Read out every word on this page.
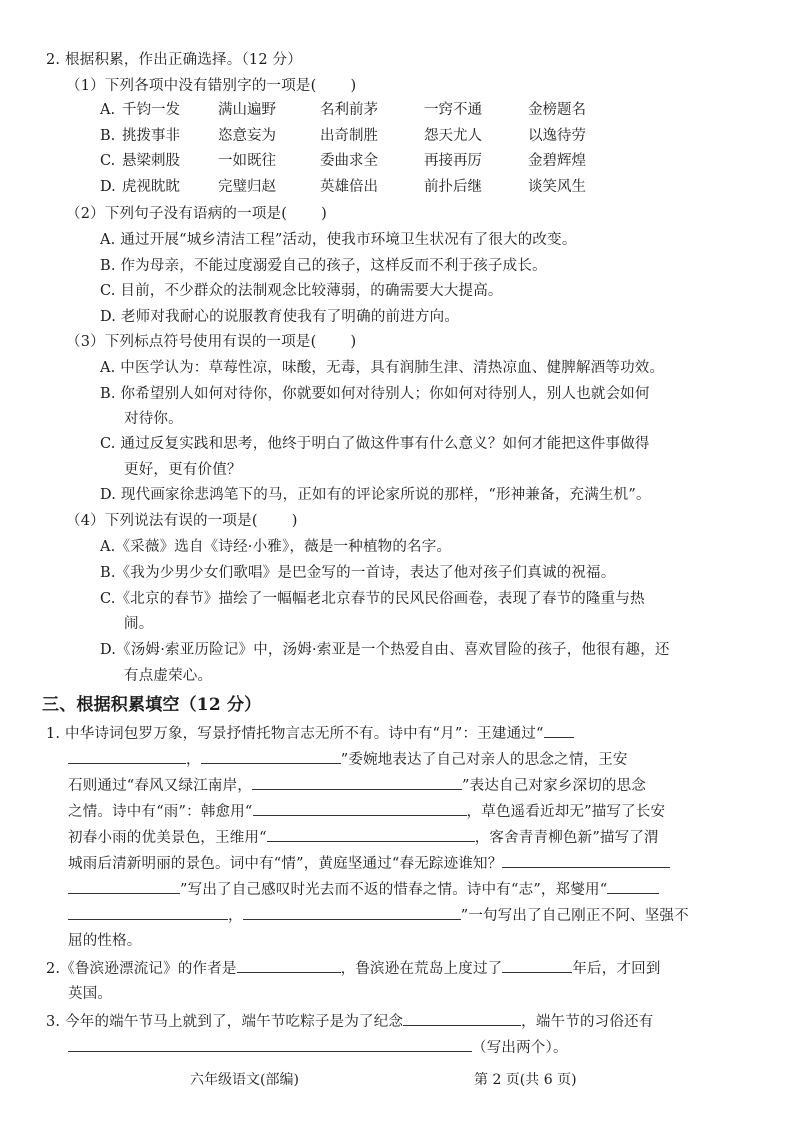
2. 根据积累，作出正确选择。（12 分）
（1）下列各项中没有错别字的一项是( )
A. 千钧一发	满山遍野	名利前茅	一窍不通	金榜题名
B. 挑拨事非	恣意妄为	出奇制胜	怨天尤人	以逸待劳
C. 悬梁刺股	一如既往	委曲求全	再接再厉	金碧辉煌
D. 虎视眈眈	完璧归赵	英雄倍出	前扑后继	谈笑风生
（2）下列句子没有语病的一项是( )
A. 通过开展“城乡清洁工程”活动，使我市环境卫生状况有了很大的改变。
B. 作为母亲，不能过度溺爱自己的孩子，这样反而不利于孩子成长。
C. 目前，不少群众的法制观念比较薄弱，的确需要大大提高。
D. 老师对我耐心的说服教育使我有了明确的前进方向。
（3）下列标点符号使用有误的一项是( )
A. 中医学认为：草莓性凉，味酸，无毒，具有润肺生津、清热凉血、健脾解酒等功效。
B. 你希望别人如何对待你，你就要如何对待别人；你如何对待别人，别人也就会如何
对待你。
C. 通过反复实践和思考，他终于明白了做这件事有什么意义？如何才能把这件事做得
更好，更有价值？
D. 现代画家徐悲鸿笔下的马，正如有的评论家所说的那样，“形神兼备，充满生机”。
（4）下列说法有误的一项是( )
A.《采薇》选自《诗经·小雅》，薇是一种植物的名字。
B.《我为少男少女们歌唱》是巴金写的一首诗，表达了他对孩子们真诚的祝福。
C.《北京的春节》描绘了一幅幅老北京春节的民风民俗画卷，表现了春节的隆重与热
闹。
D.《汤姆·索亚历险记》中，汤姆·索亚是一个热爱自由、喜欢冒险的孩子，他很有趣，还
有点虚荣心。
三、根据积累填空（12 分）
1. 中华诗词包罗万象，写景抒情托物言志无所不有。诗中有“月”：王建通过“
，	”委婉地表达了自己对亲人的思念之情，王安
石则通过“春风又绿江南岸，	”表达自己对家乡深切的思念
之情。诗中有“雨”：韩愈用“	，草色遥看近却无”描写了长安
初春小雨的优美景色，王维用“	，客舍青青柳色新”描写了渭
城雨后清新明丽的景色。词中有“情”，黄庭坚通过“春无踪迹谁知？
”写出了自己感叹时光去而不返的惜春之情。诗中有“志”，郑燮用“
，	”一句写出了自己刚正不阿、坚强不
屈的性格。
2.《鲁滨逊漂流记》的作者是	，鲁滨逊在荒岛上度过了	年后，才回到
英国。
3. 今年的端午节马上就到了，端午节吃粽子是为了纪念	，端午节的习俗还有
（写出两个）。
六年级语文(部编)	第 2 页(共 6 页)
